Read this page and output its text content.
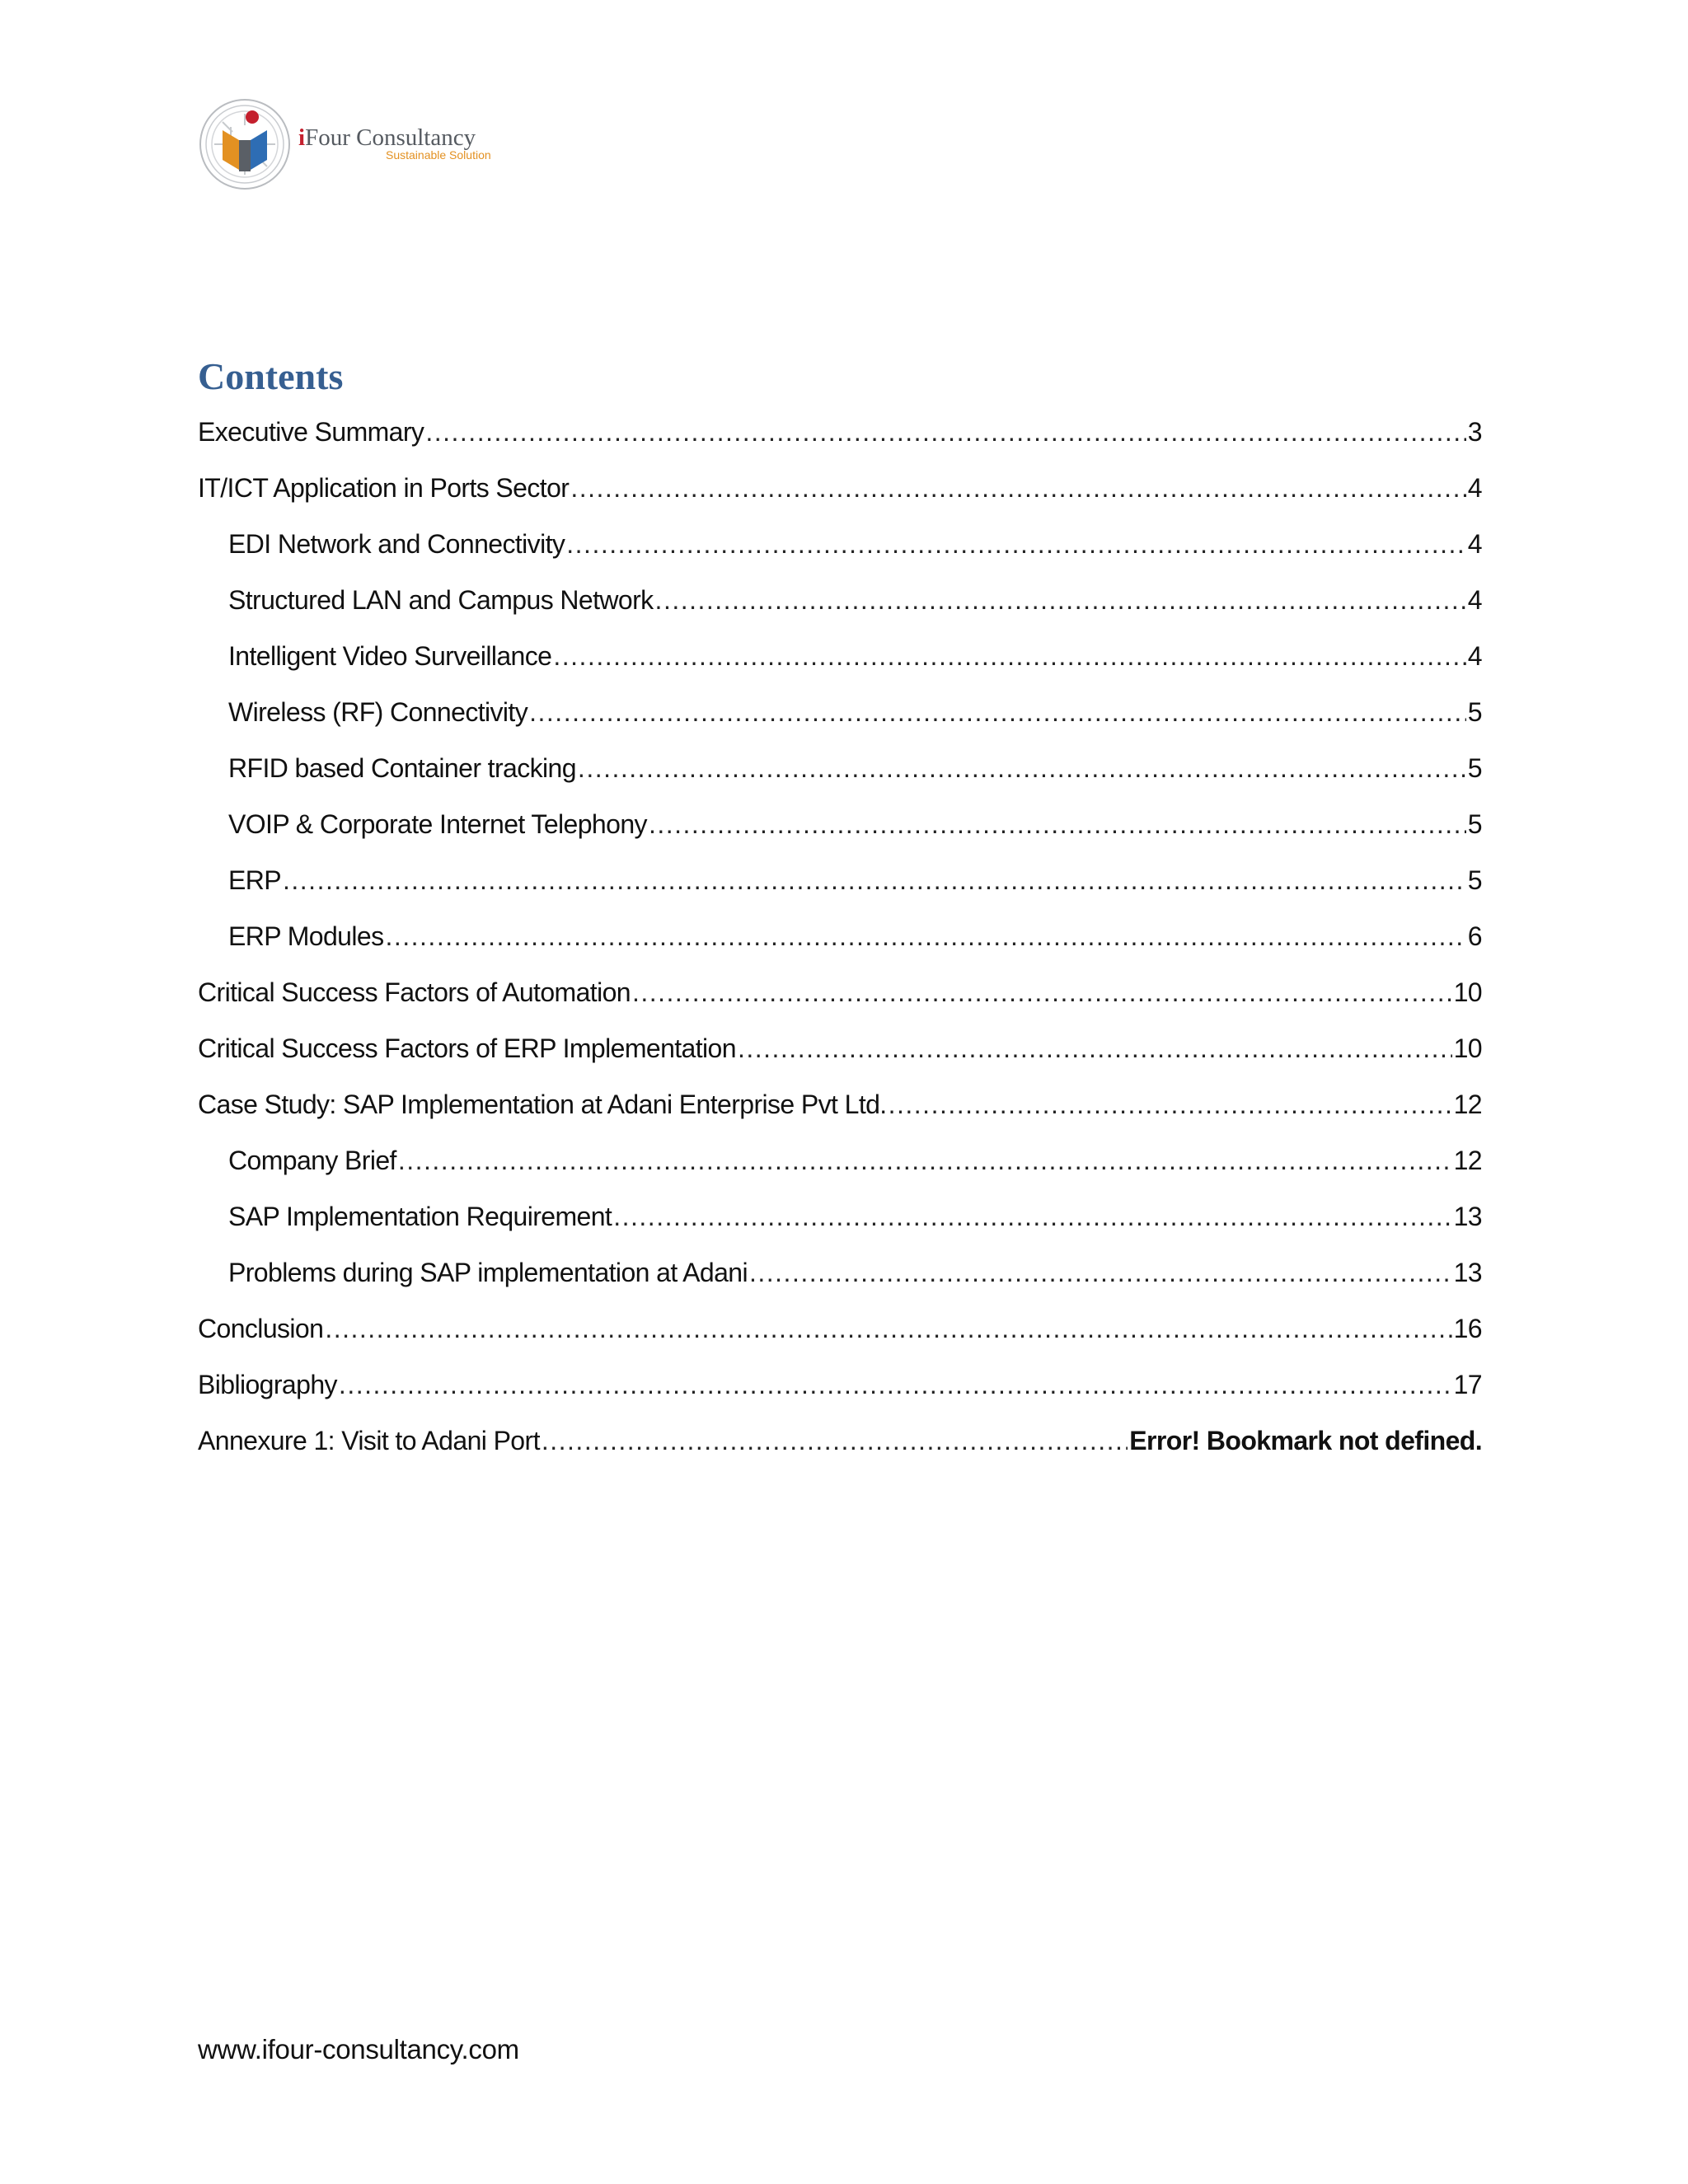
iFour Consultancy
Sustainable Solution
Contents
Executive Summary .....	3
IT/ICT Application in Ports Sector .....	4
EDI Network and Connectivity .....	4
Structured LAN and Campus Network .....	4
Intelligent Video Surveillance .....	4
Wireless (RF) Connectivity .....	5
RFID based Container tracking .....	5
VOIP & Corporate Internet Telephony .....	5
ERP .....	5
ERP Modules .....	6
Critical Success Factors of Automation .....	10
Critical Success Factors of ERP Implementation .....	10
Case Study: SAP Implementation at Adani Enterprise Pvt Ltd. .....	12
Company Brief .....	12
SAP Implementation Requirement .....	13
Problems during SAP implementation at Adani .....	13
Conclusion .....	16
Bibliography .....	17
Annexure 1: Visit to Adani Port .....	Error! Bookmark not defined.
www.ifour-consultancy.com
